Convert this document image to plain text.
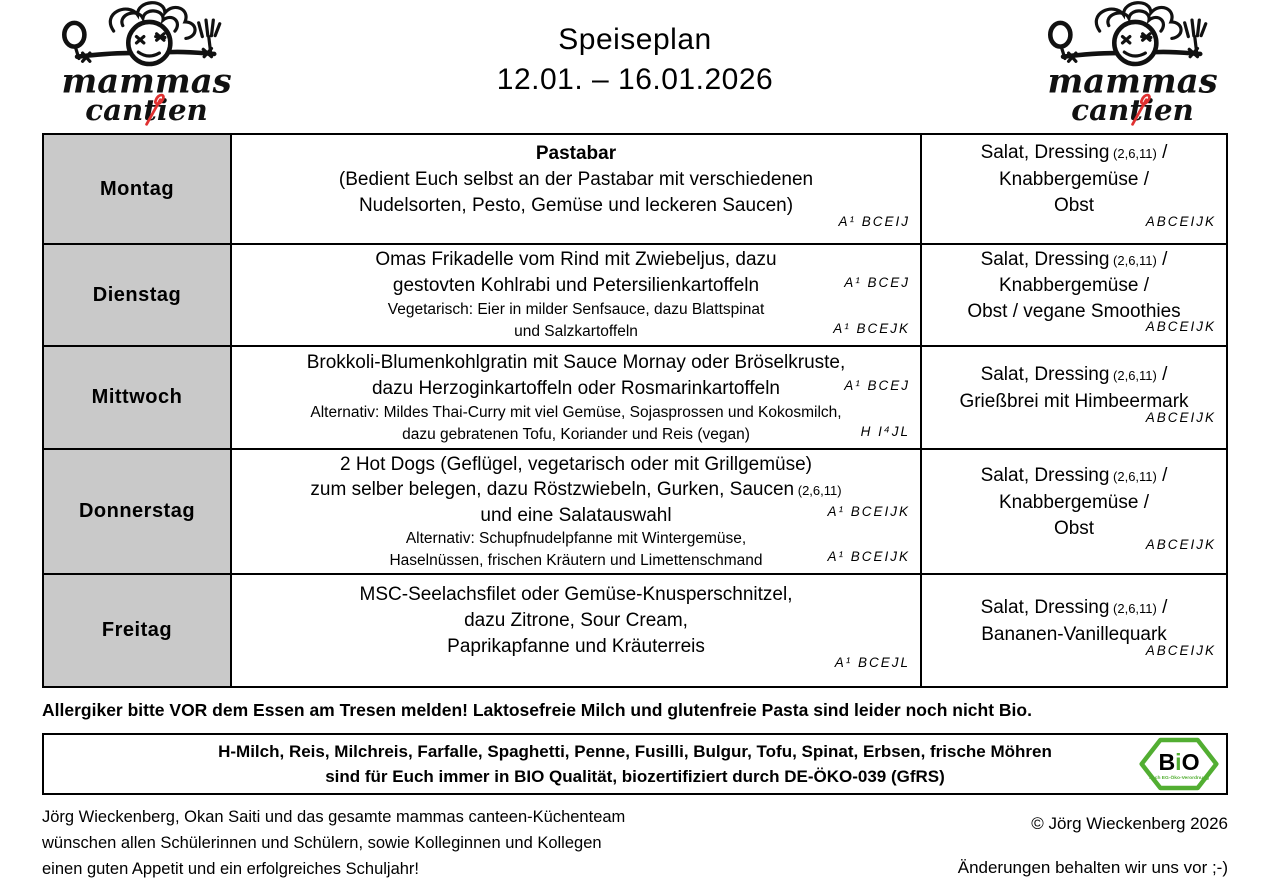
mammas
cantien
Speiseplan
12.01. – 16.01.2026	mammas
cantien
Montag
Pastabar
(Bedient Euch selbst an der Pastabar mit verschiedenen
Nudelsorten, Pesto, Gemüse und leckeren Saucen)
A¹ BCEIJ
Salat, Dressing (2,6,11) /
Knabbergemüse /
Obst
ABCEIJK
Dienstag
Omas Frikadelle vom Rind mit Zwiebeljus, dazu
gestovten Kohlrabi und Petersilienkartoffeln	A¹ BCEJ
Vegetarisch: Eier in milder Senfsauce, dazu Blattspinat
und Salzkartoffeln	A¹ BCEJK
Salat, Dressing (2,6,11) /
Knabbergemüse /
Obst / vegane Smoothies
ABCEIJK
Mittwoch
Brokkoli-Blumenkohlgratin mit Sauce Mornay oder Bröselkruste,
dazu Herzoginkartoffeln oder Rosmarinkartoffeln	A¹ BCEJ
Alternativ: Mildes Thai-Curry mit viel Gemüse, Sojasprossen und Kokosmilch,
dazu gebratenen Tofu, Koriander und Reis (vegan)	H I⁴JL
Salat, Dressing (2,6,11) /
Grießbrei mit Himbeermark
ABCEIJK
Donnerstag
2 Hot Dogs (Geflügel, vegetarisch oder mit Grillgemüse)
zum selber belegen, dazu Röstzwiebeln, Gurken, Saucen (2,6,11)
und eine Salatauswahl	A¹ BCEIJK
Alternativ: Schupfnudelpfanne mit Wintergemüse,
Haselnüssen, frischen Kräutern und Limettenschmand	A¹ BCEIJK
Salat, Dressing (2,6,11) /
Knabbergemüse /
Obst
ABCEIJK
Freitag
MSC-Seelachsfilet oder Gemüse-Knusperschnitzel,
dazu Zitrone, Sour Cream,
Paprikapfanne und Kräuterreis
A¹ BCEJL
Salat, Dressing (2,6,11) /
Bananen-Vanillequark
ABCEIJK
Allergiker bitte VOR dem Essen am Tresen melden! Laktosefreie Milch und glutenfreie Pasta sind leider noch nicht Bio.
H-Milch, Reis, Milchreis, Farfalle, Spaghetti, Penne, Fusilli, Bulgur, Tofu, Spinat, Erbsen, frische Möhren
sind für Euch immer in BIO Qualität, biozertifiziert durch DE-ÖKO-039 (GfRS)
BiO
nach EG-Öko-Verordnung
Jörg Wieckenberg, Okan Saiti und das gesamte mammas canteen-Küchenteam
wünschen allen Schülerinnen und Schülern, sowie Kolleginnen und Kollegen
einen guten Appetit und ein erfolgreiches Schuljahr!
© Jörg Wieckenberg 2026
Änderungen behalten wir uns vor ;-)
